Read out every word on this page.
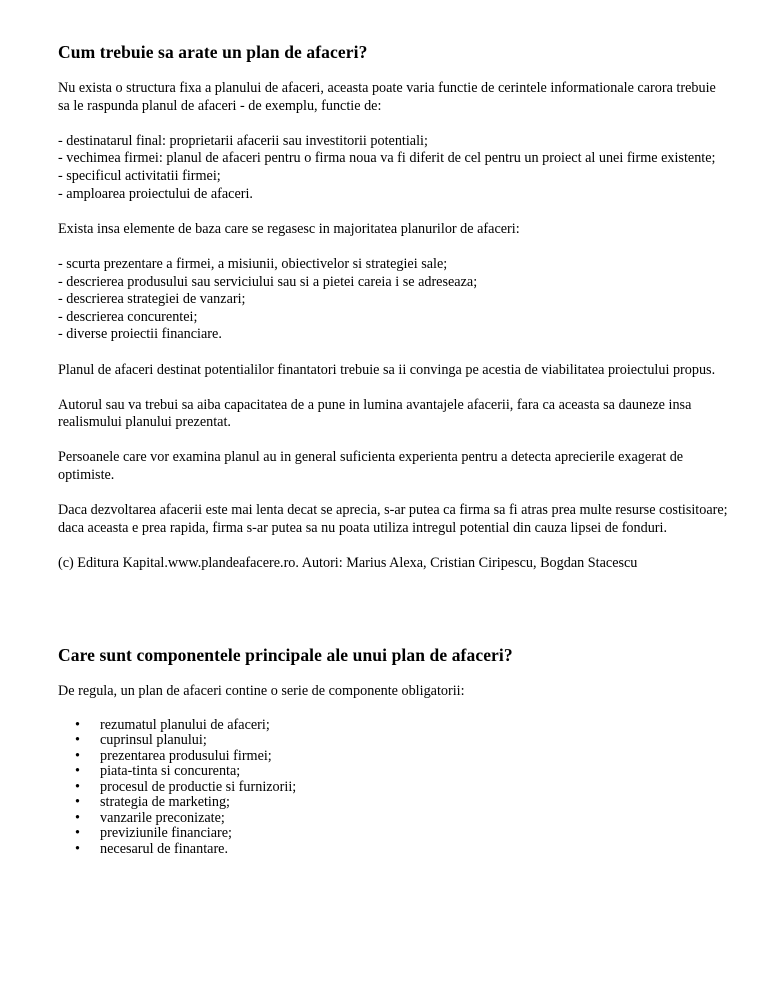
Cum trebuie sa arate un plan de afaceri?

Nu exista o structura fixa a planului de afaceri, aceasta poate varia functie de cerintele informationale carora trebuie sa le raspunda planul de afaceri - de exemplu, functie de:

- destinatarul final: proprietarii afacerii sau investitorii potentiali;

- vechimea firmei: planul de afaceri pentru o firma noua va fi diferit de cel pentru un proiect al unei firme existente;

- specificul activitatii firmei;

- amploarea proiectului de afaceri.

Exista insa elemente de baza care se regasesc in majoritatea planurilor de afaceri:

- scurta prezentare a firmei, a misiunii, obiectivelor si strategiei sale;

- descrierea produsului sau serviciului sau si a pietei careia i se adreseaza;

- descrierea strategiei de vanzari;

- descrierea concurentei;

- diverse proiectii financiare.

Planul de afaceri destinat potentialilor finantatori trebuie sa ii convinga pe acestia de viabilitatea proiectului propus.

Autorul sau va trebui sa aiba capacitatea de a pune in lumina avantajele afacerii, fara ca aceasta sa dauneze insa realismului planului prezentat.

Persoanele care vor examina planul au in general suficienta experienta pentru a detecta aprecierile exagerat de optimiste.

Daca dezvoltarea afacerii este mai lenta decat se aprecia, s-ar putea ca firma sa fi atras prea multe resurse costisitoare; daca aceasta e prea rapida, firma s-ar putea sa nu poata utiliza intregul potential din cauza lipsei de fonduri.

(c) Editura Kapital.www.plandeafacere.ro. Autori: Marius Alexa, Cristian Ciripescu, Bogdan Stacescu

Care sunt componentele principale ale unui plan de afaceri?

De regula, un plan de afaceri contine o serie de componente obligatorii:

• rezumatul planului de afaceri;
• cuprinsul planului;
• prezentarea produsului firmei;
• piata-tinta si concurenta;
• procesul de productie si furnizorii;
• strategia de marketing;
• vanzarile preconizate;
• previziunile financiare;
• necesarul de finantare.
